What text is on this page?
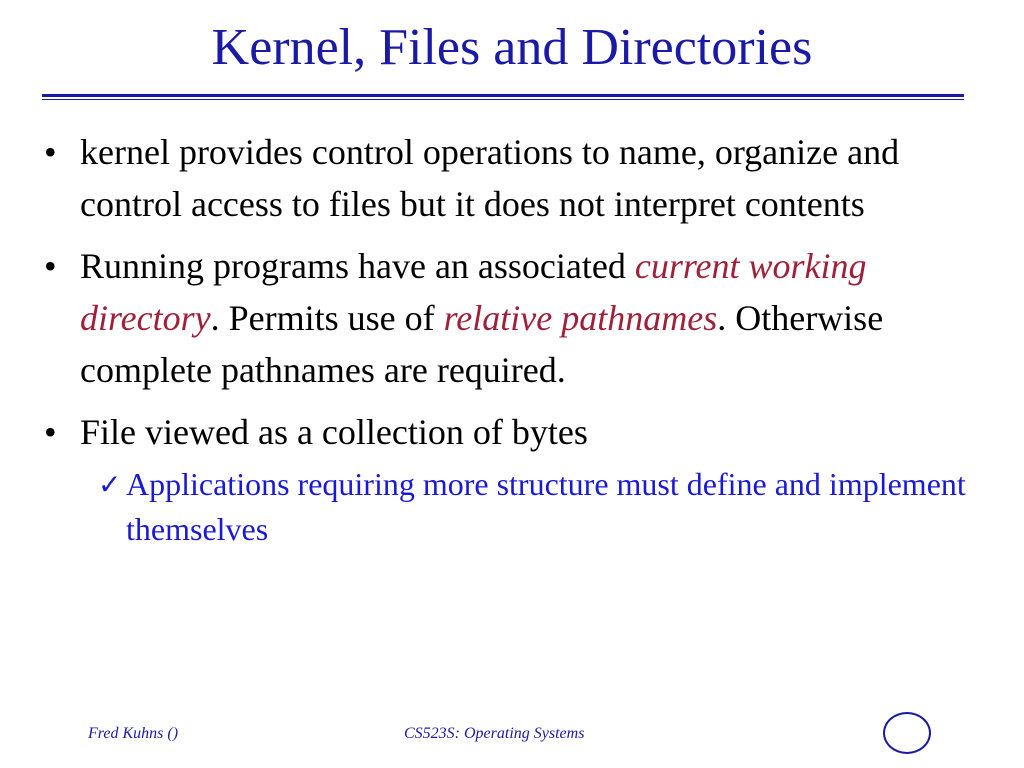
Kernel, Files and Directories
• kernel provides control operations to name, organize and control access to files but it does not interpret contents
• Running programs have an associated current working directory. Permits use of relative pathnames. Otherwise complete pathnames are required.
• File viewed as a collection of bytes
✓ Applications requiring more structure must define and implement themselves
Fred Kuhns ()	CS523S: Operating Systems
